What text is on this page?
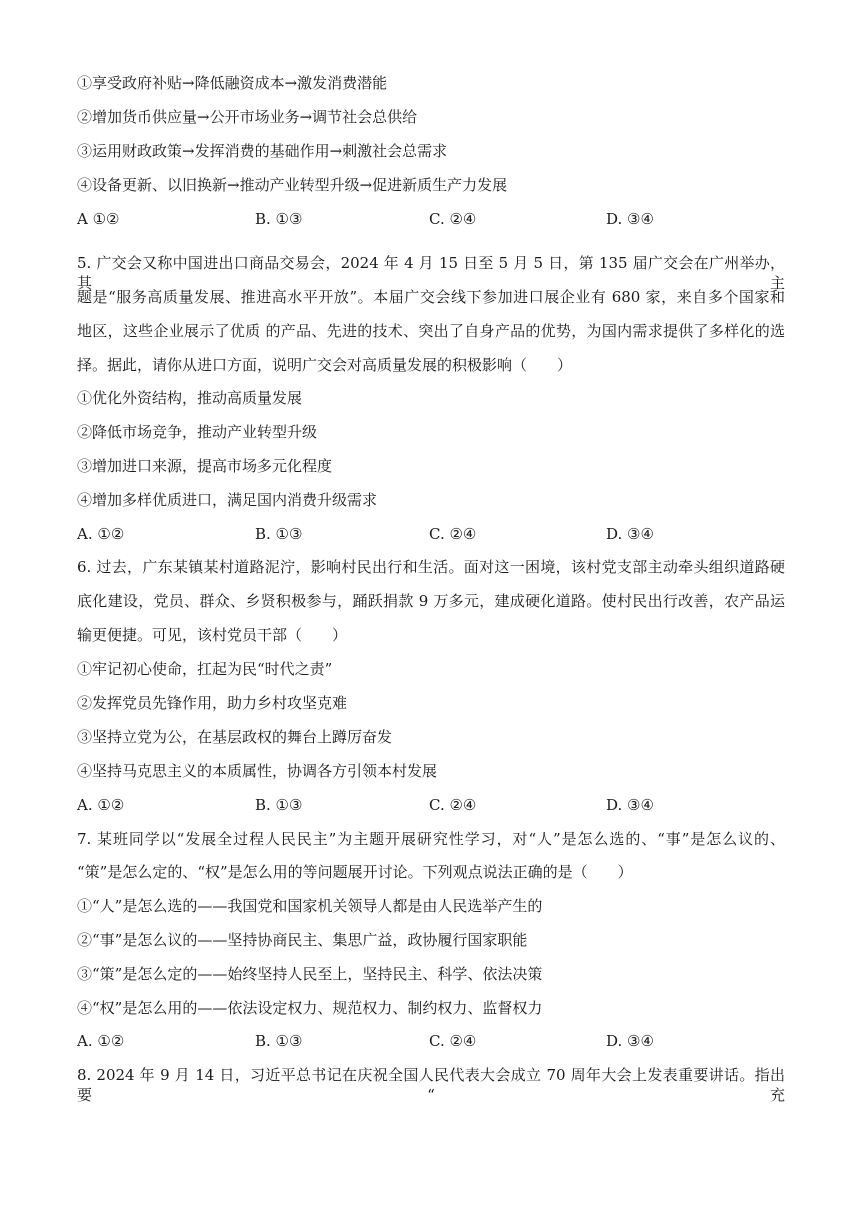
①享受政府补贴→降低融资成本→激发消费潜能
②增加货币供应量→公开市场业务→调节社会总供给
③运用财政政策→发挥消费的基础作用→刺激社会总需求
④设备更新、以旧换新→推动产业转型升级→促进新质生产力发展
A ①②	B. ①③	C. ②④	D. ③④
5. 广交会又称中国进出口商品交易会，2024 年 4 月 15 日至 5 月 5 日，第 135 届广交会在广州举办，其主
题是“服务高质量发展、推进高水平开放”。本届广交会线下参加进口展企业有 680 家，来自多个国家和
地区，这些企业展示了优质 的产品、先进的技术、突出了自身产品的优势，为国内需求提供了多样化的选
择。据此，请你从进口方面，说明广交会对高质量发展的积极影响（　　）
①优化外资结构，推动高质量发展
②降低市场竞争，推动产业转型升级
③增加进口来源，提高市场多元化程度
④增加多样优质进口，满足国内消费升级需求
A. ①②	B. ①③	C. ②④	D. ③④
6. 过去，广东某镇某村道路泥泞，影响村民出行和生活。面对这一困境，该村党支部主动牵头组织道路硬
底化建设，党员、群众、乡贤积极参与，踊跃捐款 9 万多元，建成硬化道路。使村民出行改善，农产品运
输更便捷。可见，该村党员干部（　　）
①牢记初心使命，扛起为民“时代之责”
②发挥党员先锋作用，助力乡村攻坚克难
③坚持立党为公，在基层政权的舞台上蹲厉奋发
④坚持马克思主义的本质属性，协调各方引领本村发展
A. ①②	B. ①③	C. ②④	D. ③④
7. 某班同学以“发展全过程人民民主”为主题开展研究性学习，对“人”是怎么选的、“事”是怎么议的、
“策”是怎么定的、“权”是怎么用的等问题展开讨论。下列观点说法正确的是（　　）
①“人”是怎么选的——我国党和国家机关领导人都是由人民选举产生的
②“事”是怎么议的——坚持协商民主、集思广益，政协履行国家职能
③“策”是怎么定的——始终坚持人民至上，坚持民主、科学、依法决策
④“权”是怎么用的——依法设定权力、规范权力、制约权力、监督权力
A. ①②	B. ①③	C. ②④	D. ③④
8. 2024 年 9 月 14 日，习近平总书记在庆祝全国人民代表大会成立 70 周年大会上发表重要讲话。指出要“充
